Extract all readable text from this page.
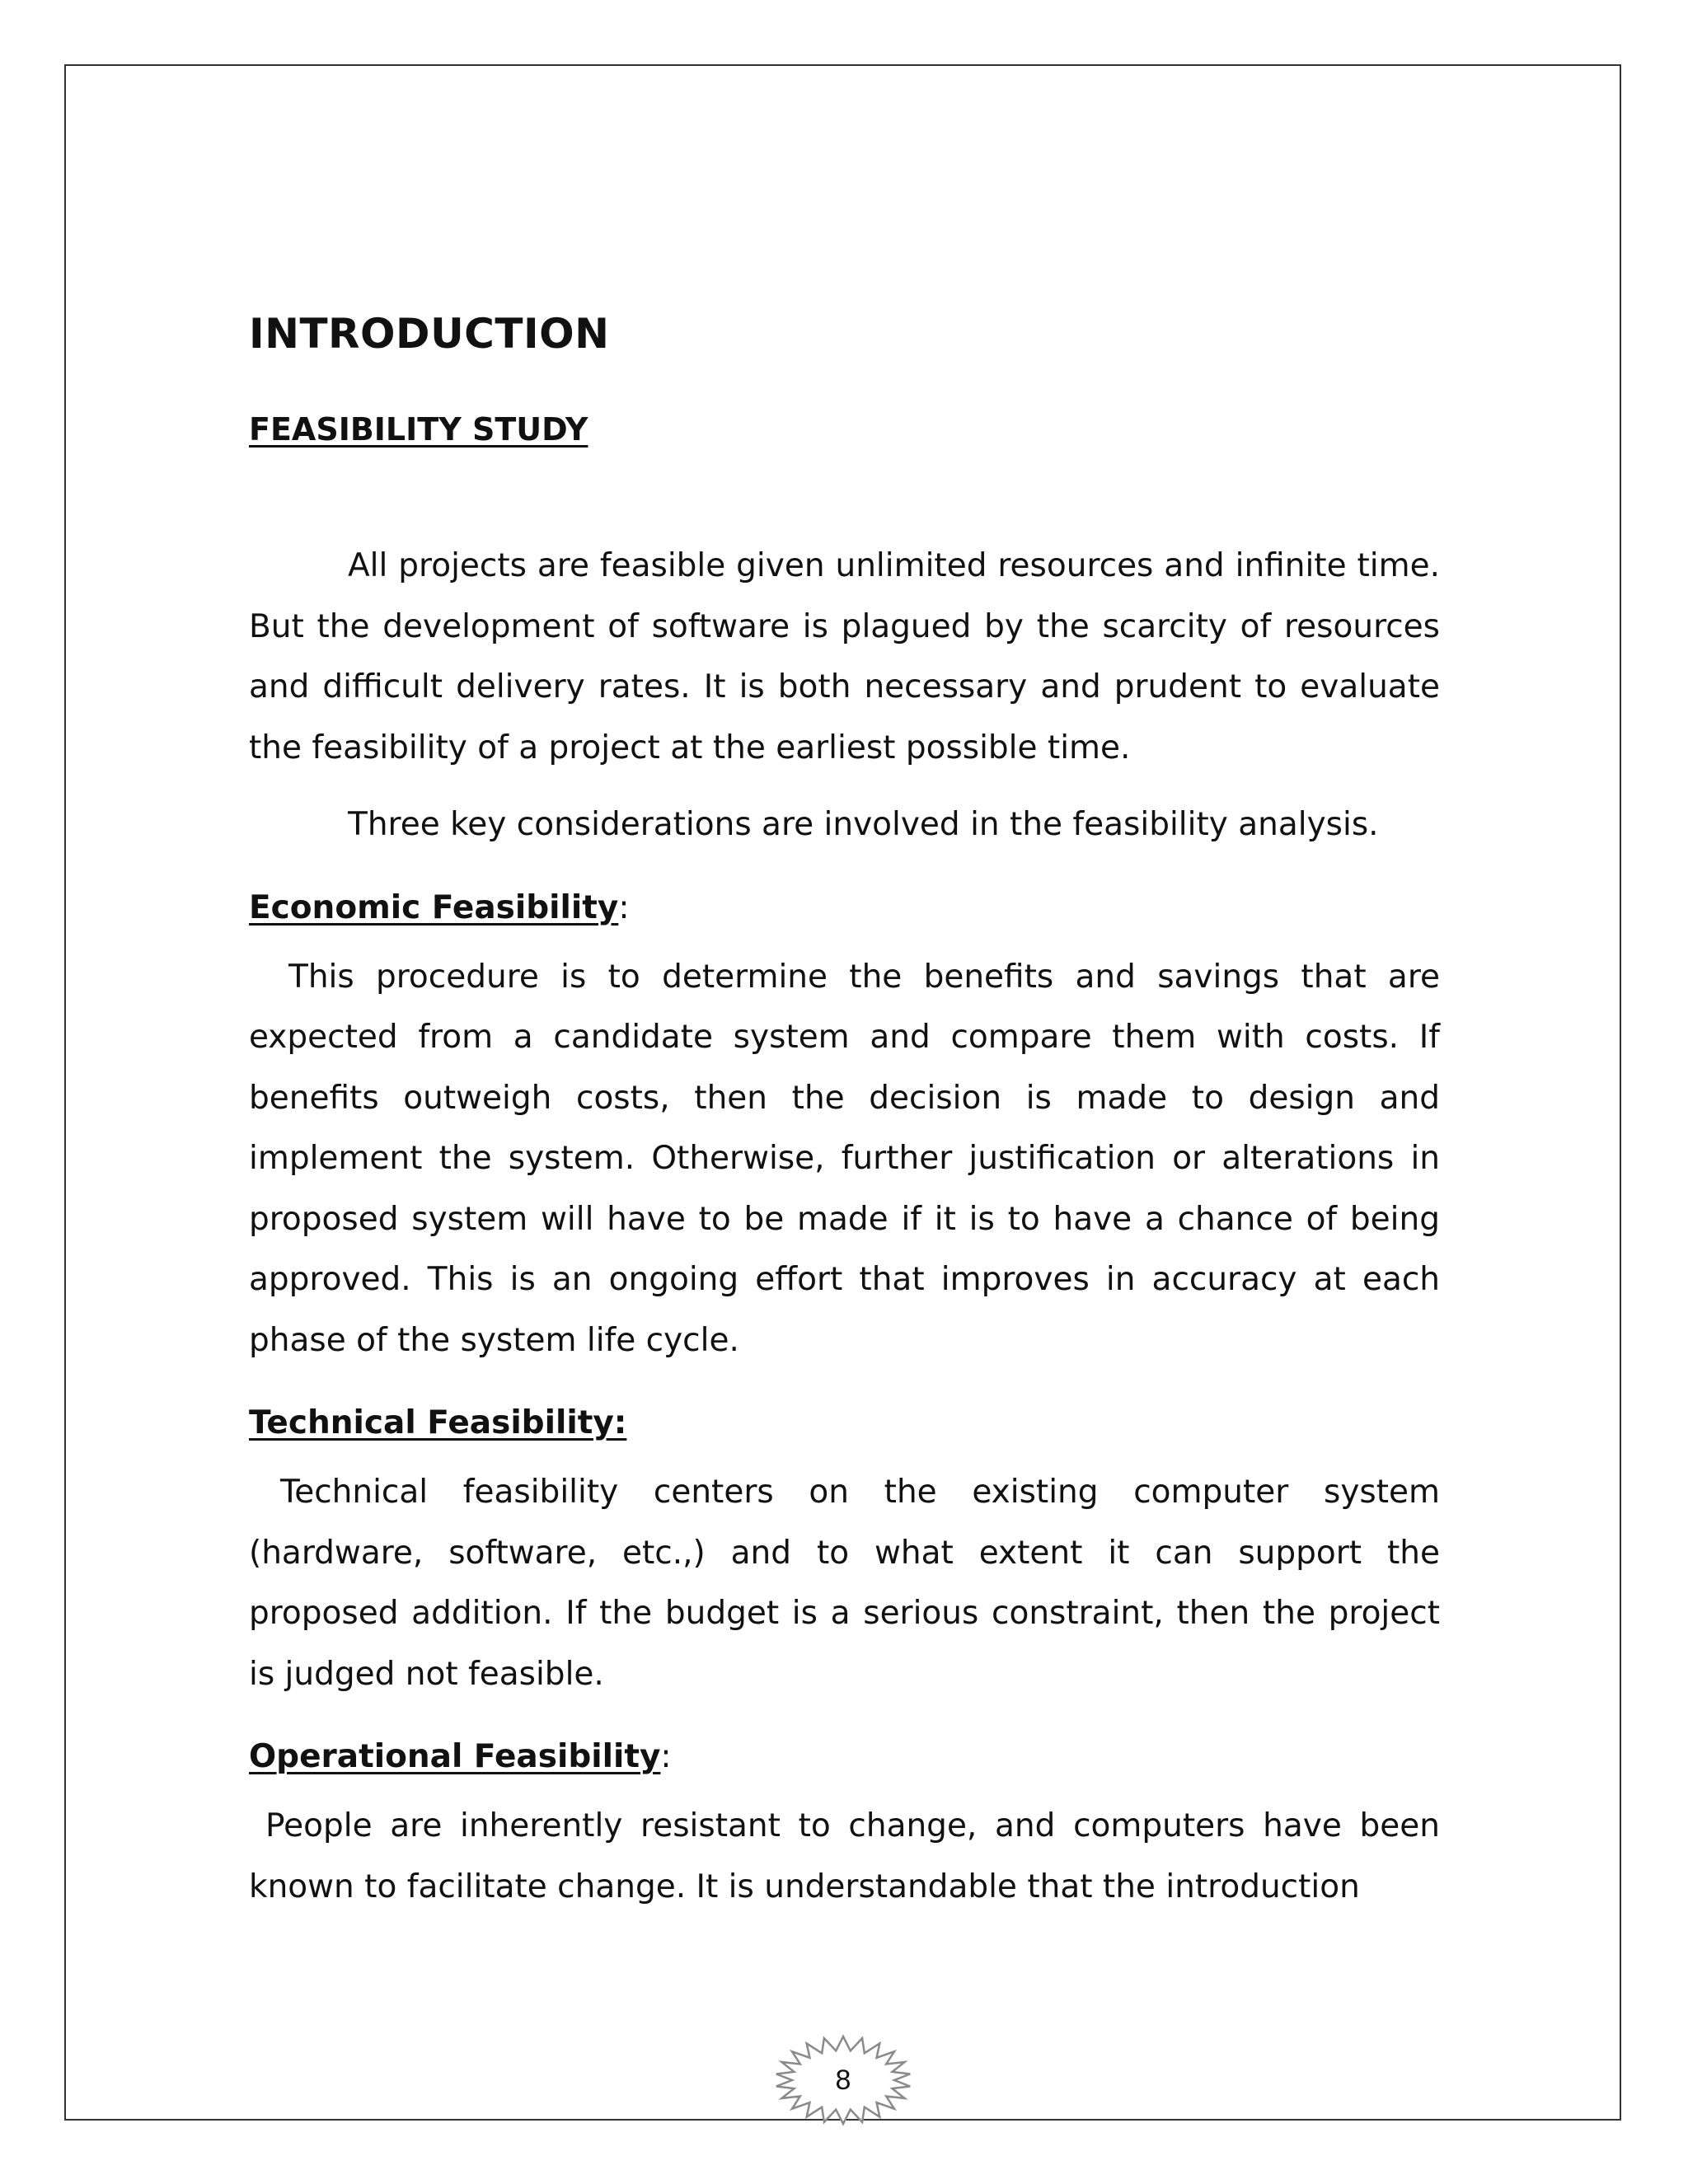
INTRODUCTION
FEASIBILITY STUDY

All projects are feasible given unlimited resources and infinite time. But the development of software is plagued by the scarcity of resources and difficult delivery rates. It is both necessary and prudent to evaluate the feasibility of a project at the earliest possible time.

Three key considerations are involved in the feasibility analysis.

Economic Feasibility:

This procedure is to determine the benefits and savings that are expected from a candidate system and compare them with costs. If benefits outweigh costs, then the decision is made to design and implement the system. Otherwise, further justification or alterations in proposed system will have to be made if it is to have a chance of being approved. This is an ongoing effort that improves in accuracy at each phase of the system life cycle.

Technical Feasibility:

Technical feasibility centers on the existing computer system (hardware, software, etc.,) and to what extent it can support the proposed addition. If the budget is a serious constraint, then the project is judged not feasible.

Operational Feasibility:

People are inherently resistant to change, and computers have been known to facilitate change. It is understandable that the introduction

8
